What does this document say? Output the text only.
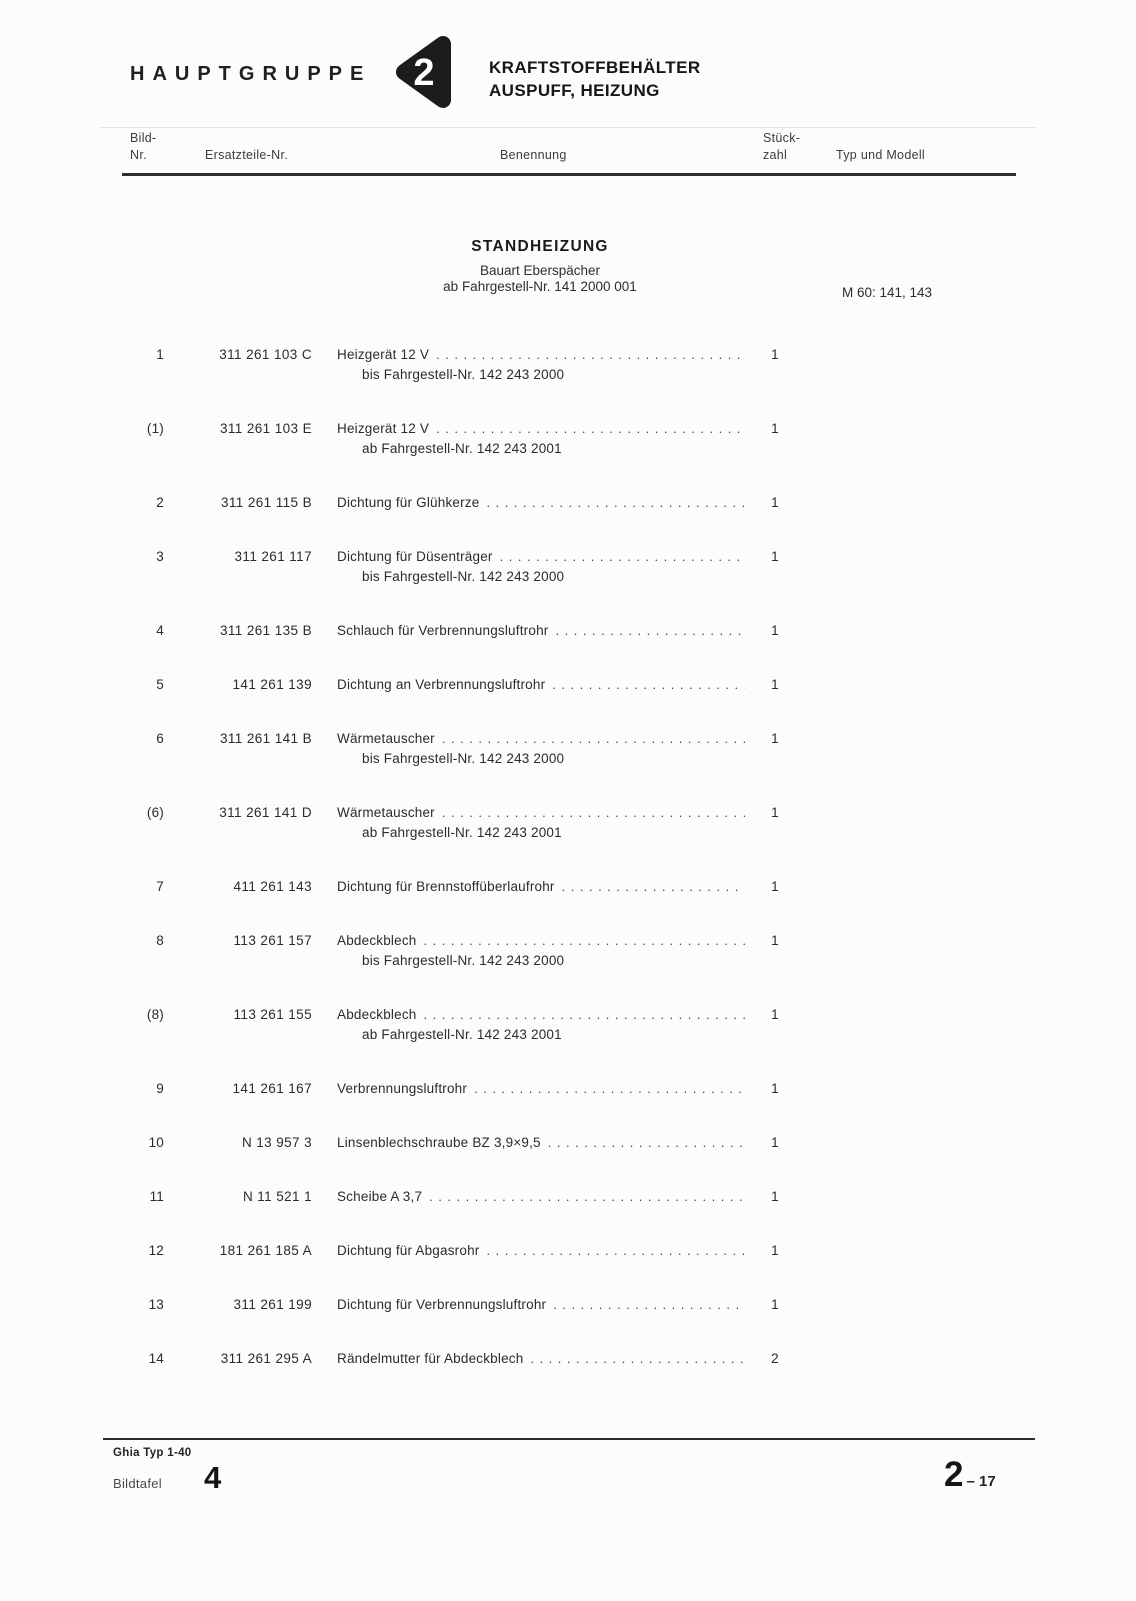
HAUPTGRUPPE 2	KRAFTSTOFFBEHÄLTER
AUSPUFF, HEIZUNG
Bild-
Nr.	Ersatzteile-Nr.	Benennung
Stück-
zahl	Typ und Modell
STANDHEIZUNG
Bauart Eberspächer
ab Fahrgestell-Nr. 141 2000 001	M 60: 141, 143
1	311 261 103 C Heizgerät 12 V .....	1
bis Fahrgestell-Nr. 142 243 2000
(1)	311 261 103 E Heizgerät 12 V .....	1
ab Fahrgestell-Nr. 142 243 2001
2	311 261 115 B Dichtung für Glühkerze .....	1
3	311 261 117 Dichtung für Düsenträger .....	1
bis Fahrgestell-Nr. 142 243 2000
4	311 261 135 B Schlauch für Verbrennungsluftrohr .....	1
5	141 261 139 Dichtung an Verbrennungsluftrohr .....	1
6	311 261 141 B Wärmetauscher .....	1
bis Fahrgestell-Nr. 142 243 2000
(6)	311 261 141 D Wärmetauscher .....	1
ab Fahrgestell-Nr. 142 243 2001
7	411 261 143 Dichtung für Brennstoffüberlaufrohr .....	1
8	113 261 157 Abdeckblech .....	1
bis Fahrgestell-Nr. 142 243 2000
(8)	113 261 155 Abdeckblech .....	1
ab Fahrgestell-Nr. 142 243 2001
9	141 261 167 Verbrennungsluftrohr .....	1
10	N 13 957 3 Linsenblechschraube BZ 3,9×9,5 .....	1
11	N 11 521 1 Scheibe A 3,7 .....	1
12	181 261 185 A Dichtung für Abgasrohr .....	1
13	311 261 199 Dichtung für Verbrennungsluftrohr .....	1
14	311 261 295 A Rändelmutter für Abdeckblech .....	2
Ghia Typ 1-40
Bildtafel 4	2 – 17
